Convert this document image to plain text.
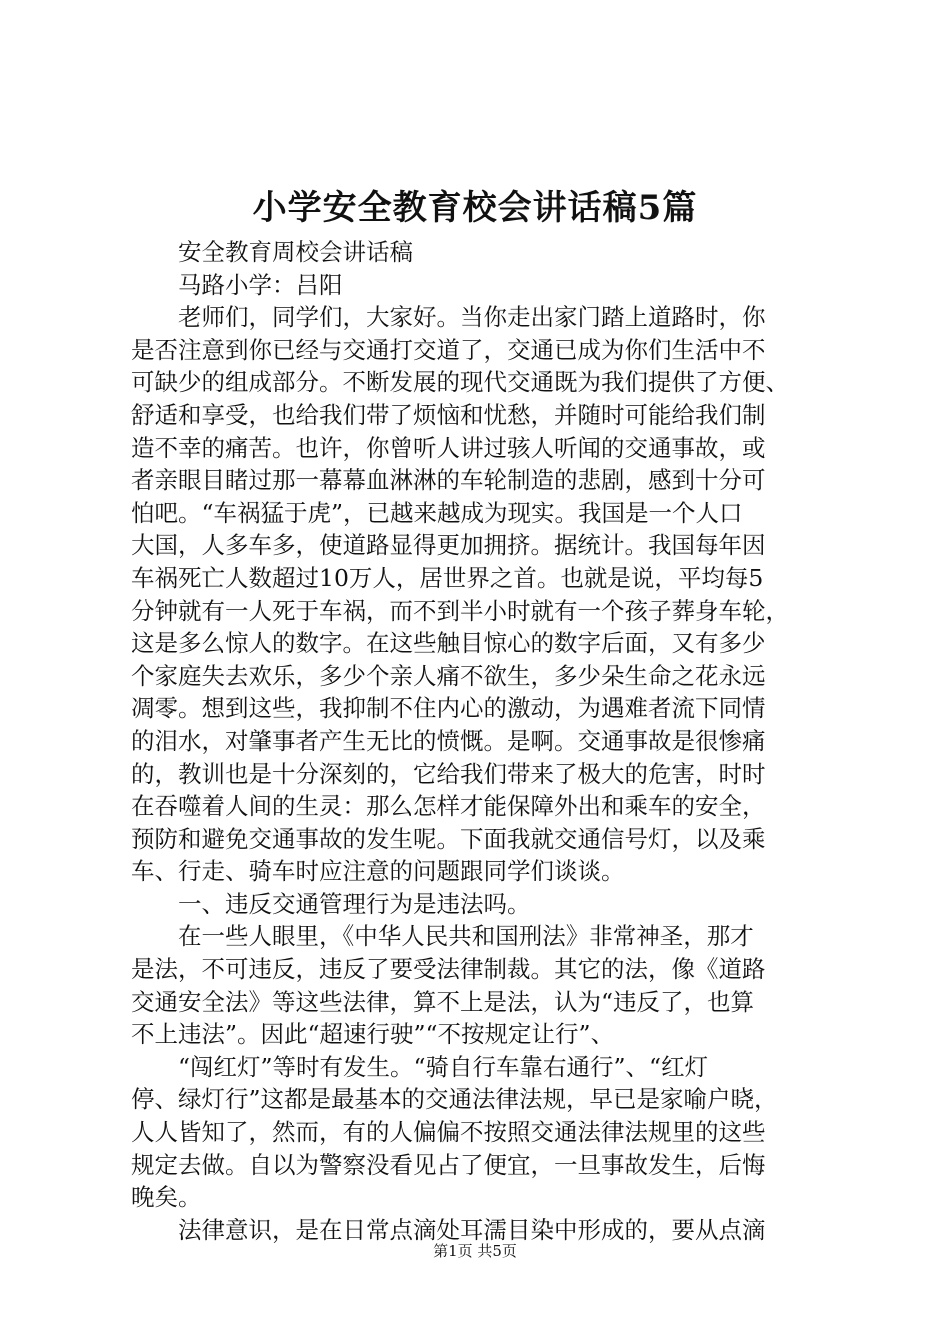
小学安全教育校会讲话稿5篇
安全教育周校会讲话稿
马路小学：吕阳
老师们，同学们，大家好。当你走出家门踏上道路时，你
是否注意到你已经与交通打交道了，交通已成为你们生活中不
可缺少的组成部分。不断发展的现代交通既为我们提供了方便、
舒适和享受，也给我们带了烦恼和忧愁，并随时可能给我们制
造不幸的痛苦。也许，你曾听人讲过骇人听闻的交通事故，或
者亲眼目睹过那一幕幕血淋淋的车轮制造的悲剧，感到十分可
怕吧。“车祸猛于虎”，已越来越成为现实。我国是一个人口
大国，人多车多，使道路显得更加拥挤。据统计。我国每年因
车祸死亡人数超过10万人，居世界之首。也就是说，平均每5
分钟就有一人死于车祸，而不到半小时就有一个孩子葬身车轮，
这是多么惊人的数字。在这些触目惊心的数字后面，又有多少
个家庭失去欢乐，多少个亲人痛不欲生，多少朵生命之花永远
凋零。想到这些，我抑制不住内心的激动，为遇难者流下同情
的泪水，对肇事者产生无比的愤慨。是啊。交通事故是很惨痛
的，教训也是十分深刻的，它给我们带来了极大的危害，时时
在吞噬着人间的生灵：那么怎样才能保障外出和乘车的安全，
预防和避免交通事故的发生呢。下面我就交通信号灯，以及乘
车、行走、骑车时应注意的问题跟同学们谈谈。
一、违反交通管理行为是违法吗。
在一些人眼里，《中华人民共和国刑法》非常神圣，那才
是法，不可违反，违反了要受法律制裁。其它的法，像《道路
交通安全法》等这些法律，算不上是法，认为“违反了，也算
不上违法”。因此“超速行驶”“不按规定让行”、
“闯红灯”等时有发生。“骑自行车靠右通行”、“红灯
停、绿灯行”这都是最基本的交通法律法规，早已是家喻户晓，
人人皆知了，然而，有的人偏偏不按照交通法律法规里的这些
规定去做。自以为警察没看见占了便宜，一旦事故发生，后悔
晚矣。
法律意识，是在日常点滴处耳濡目染中形成的，要从点滴
第1页 共5页
